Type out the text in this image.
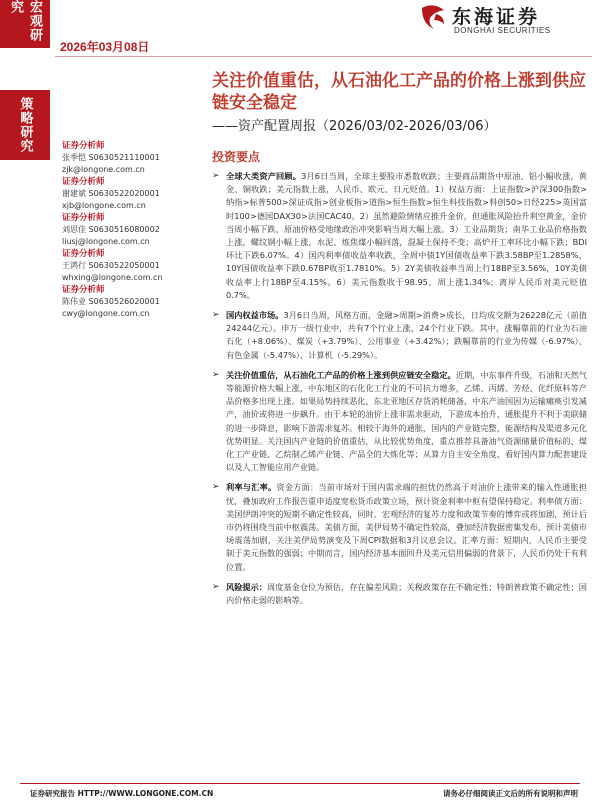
宏观研究
策略研究
2026年03月08日
东海证券
DONGHAI SECURITIES
关注价值重估，从石油化工产品的价格上涨到供应链安全稳定
——资产配置周报（2026/03/02-2026/03/06）
证券分析师
张季恺 S0630521110001
zjk@longone.com.cn
证券分析师
谢建斌 S0630522020001
xjb@longone.com.cn
证券分析师
刘思佳 S0630516080002
liusj@longone.com.cn
证券分析师
王鸿行 S0630522050001
whxing@longone.com.cn
证券分析师
陈伟业 S0630526020001
cwy@longone.com.cn
投资要点
➢ 全球大类资产回顾。3月6日当周，全球主要股市悉数收跌；主要商品期货中原油、铝小幅收涨，黄金、铜收跌；美元指数上涨，人民币、欧元、日元贬值。1）权益方面：上证指数>沪深300指数>纳指>标普500>深证成指>创业板指>道指>恒生指数>恒生科技指数>科创50>日经225>英国富时100>德国DAX30>法国CAC40。2）虽然避险情绪应推升金价，但通胀风险抬升利空黄金，金价当周小幅下跌，原油价格受地缘政治冲突影响当周大幅上涨。3）工业品期货；南华工业品价格指数上涨，螺纹钢小幅上涨，水泥、炼焦煤小幅回落，混凝土保持不变；高炉开工率环比小幅下跌；BDI环比下跌6.07%。4）国内利率债收益率收跌，全周中债1Y国债收益率下跌3.58BP至1.2858%，10Y国债收益率下跌0.67BP收至1.7810%。5）2Y美债收益率当周上行18BP至3.56%，10Y美债收益率上行18BP至4.15%。6）美元指数收于98.95，周上涨1.34%；离岸人民币对美元贬值0.7%。
➢ 国内权益市场。3月6日当周，风格方面，金融>周期>消费>成长，日均成交额为26228亿元（前值24244亿元）。申万一级行业中，共有7个行业上涨，24个行业下跌。其中，涨幅靠前的行业为石油石化（+8.06%）、煤炭（+3.79%）、公用事业（+3.42%）；跌幅靠前的行业为传媒（-6.97%）、有色金属（-5.47%）、计算机（-5.29%）。
➢ 关注价值重估，从石油化工产品的价格上涨到供应链安全稳定。近期，中东事件升级，石油和天然气等能源价格大幅上涨，中东地区的石化化工行业的不可抗力增多，乙烯、丙烯、芳烃、化纤原料等产品价格多出现上涨。如果局势持续恶化，东北亚地区存货消耗储备，中东产油国因为运输瘫痪引发减产，油价或将进一步飙升。由于本轮的油价上涨非需求驱动，下游成本抬升，通胀提升不利于美联储的进一步降息，影响下游需求复苏。相较于海外的通胀，国内的产业链完整，能源结构及渠道多元化优势明显。关注国内产业链的价值重估，从比较优势角度，重点推荐具备油气资源储量价值标的、煤化工产业链、乙烷制乙烯产业链、产品全的大炼化等；从算力自主安全角度，看好国内算力配套建设以及人工智能应用产业链。
➢ 利率与汇率。资金方面：当前市场对于国内需求端的担忧仍然高于对油价上涨带来的输入性通胀担忧，叠加政府工作报告重申适度宽松货币政策立场，预计资金利率中枢有望保持稳定。利率债方面：美国伊朗冲突的短期不确定性较高，同时，宏观经济的复苏力度和政策节奏的博弈或将加剧，预计后市仍将围绕当前中枢震荡。美债方面，美伊局势不确定性较高，叠加经济数据密集发布，预计美债市场震荡加剧，关注美伊局势演变及下周CPI数据和3月议息会议。汇率方面：短期内，人民币主要受制于美元指数的强弱；中期而言，国内经济基本面回升及美元信用偏弱的背景下，人民币仍处于有利位置。
➢ 风险提示：周度基金仓位为预估，存在偏差风险；关税政策存在不确定性；特朗普政策不确定性；国内价格走弱的影响等。
证券研究报告 HTTP://WWW.LONGONE.COM.CN	请务必仔细阅读正文后的所有说明和声明
